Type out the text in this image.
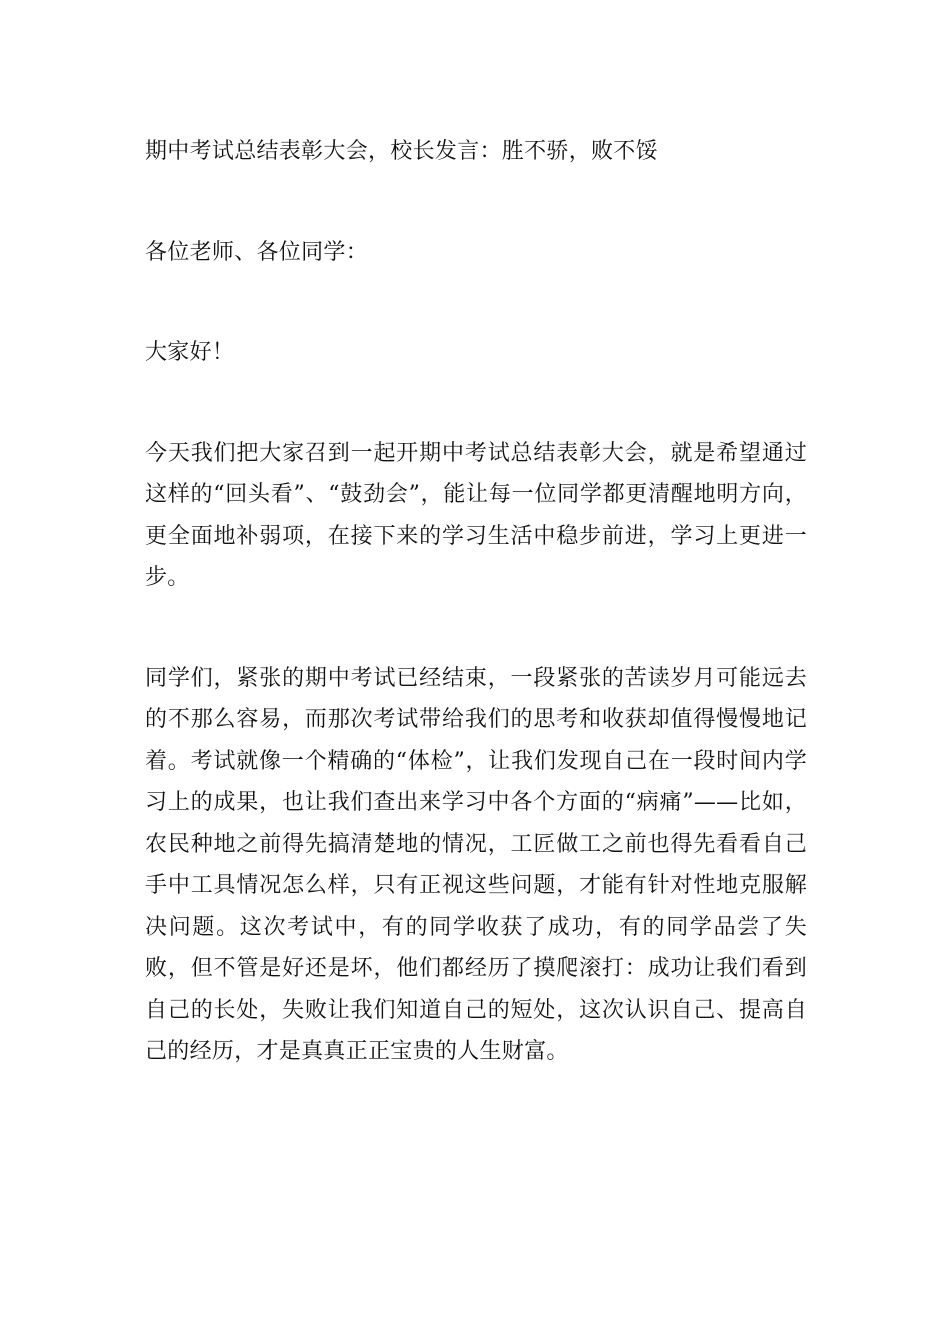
期中考试总结表彰大会，校长发言：胜不骄，败不馁

各位老师、各位同学：

大家好！

今天我们把大家召到一起开期中考试总结表彰大会，就是希望通过这样的“回头看”、“鼓劲会”，能让每一位同学都更清醒地明方向，更全面地补弱项，在接下来的学习生活中稳步前进，学习上更进一步。

同学们，紧张的期中考试已经结束，一段紧张的苦读岁月可能远去的不那么容易，而那次考试带给我们的思考和收获却值得慢慢地记着。考试就像一个精确的“体检”，让我们发现自己在一段时间内学习上的成果，也让我们查出来学习中各个方面的“病痛”——比如，农民种地之前得先搞清楚地的情况，工匠做工之前也得先看看自己手中工具情况怎么样，只有正视这些问题，才能有针对性地克服解决问题。这次考试中，有的同学收获了成功，有的同学品尝了失败，但不管是好还是坏，他们都经历了摸爬滚打：成功让我们看到自己的长处，失败让我们知道自己的短处，这次认识自己、提高自己的经历，才是真真正正宝贵的人生财富。
